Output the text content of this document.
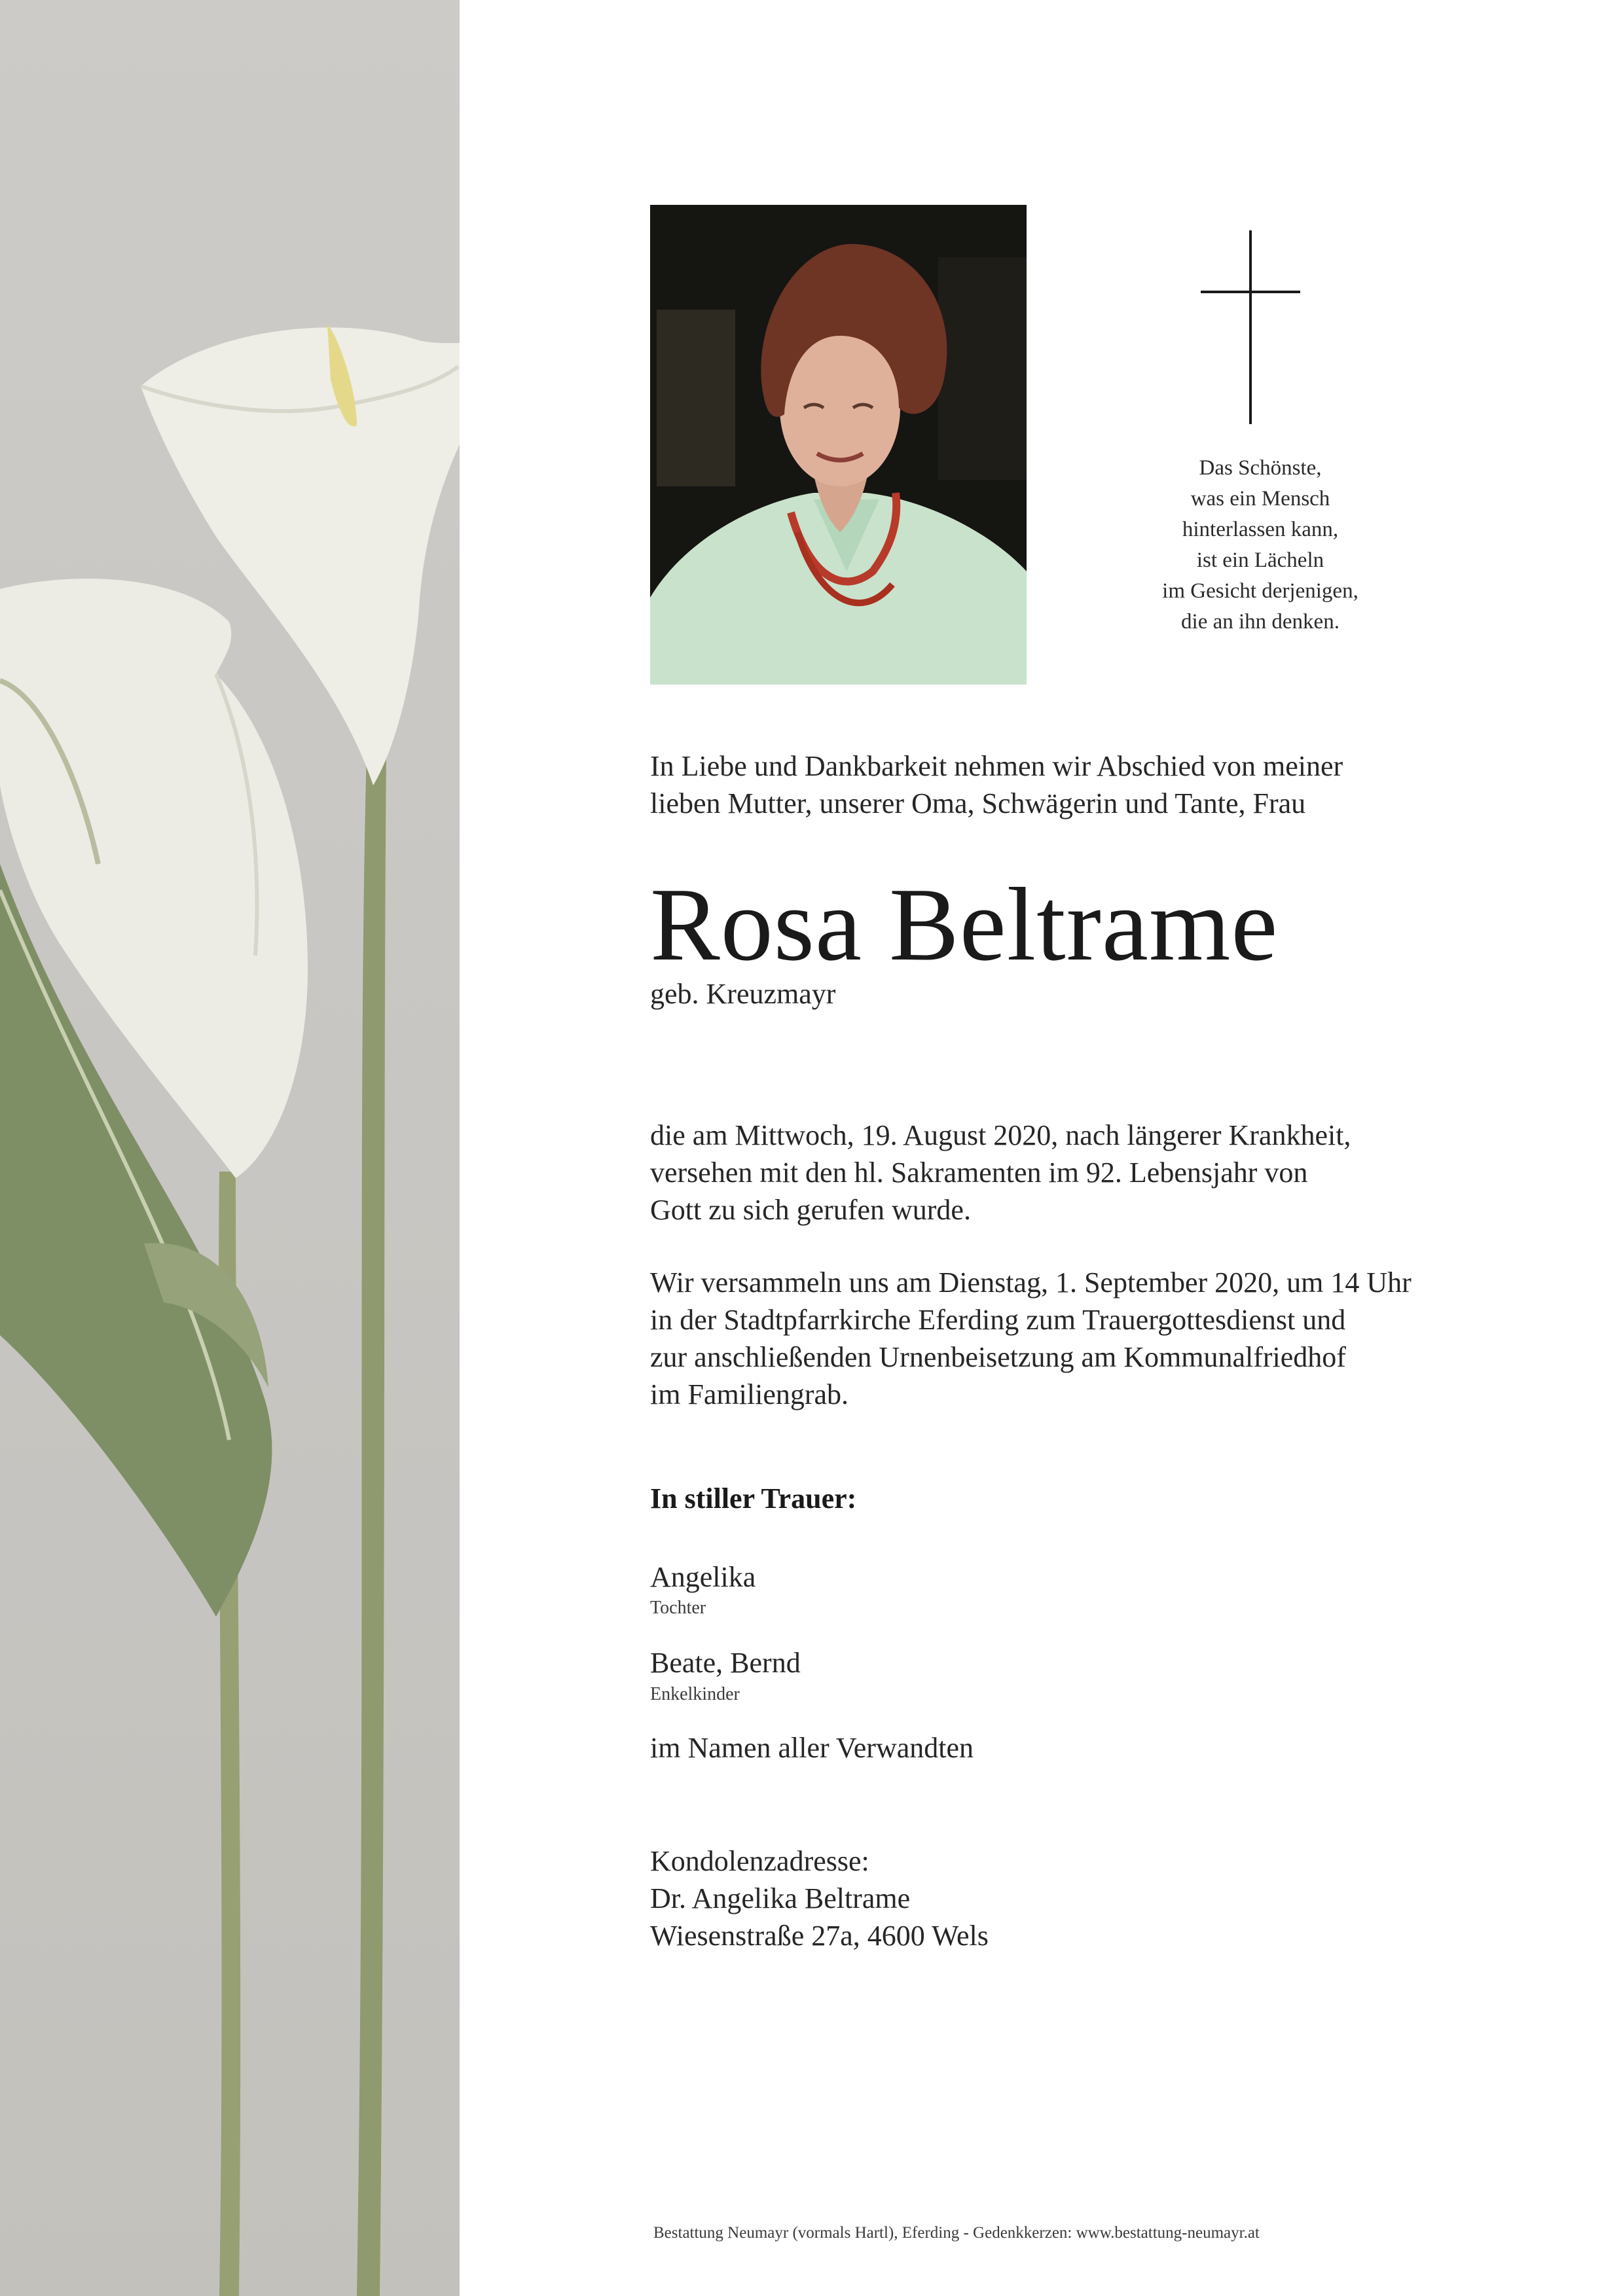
Das Schönste,
was ein Mensch
hinterlassen kann,
ist ein Lächeln
im Gesicht derjenigen,
die an ihn denken.
In Liebe und Dankbarkeit nehmen wir Abschied von meiner
lieben Mutter, unserer Oma, Schwägerin und Tante, Frau
Rosa Beltrame
geb. Kreuzmayr
die am Mittwoch, 19. August 2020, nach längerer Krankheit,
versehen mit den hl. Sakramenten im 92. Lebensjahr von
Gott zu sich gerufen wurde.
Wir versammeln uns am Dienstag, 1. September 2020, um 14 Uhr
in der Stadtpfarrkirche Eferding zum Trauergottesdienst und
zur anschließenden Urnenbeisetzung am Kommunalfriedhof
im Familiengrab.
In stiller Trauer:
Angelika
Tochter
Beate, Bernd
Enkelkinder
im Namen aller Verwandten
Kondolenzadresse:
Dr. Angelika Beltrame
Wiesenstraße 27a, 4600 Wels
Bestattung Neumayr (vormals Hartl), Eferding - Gedenkkerzen: www.bestattung-neumayr.at
